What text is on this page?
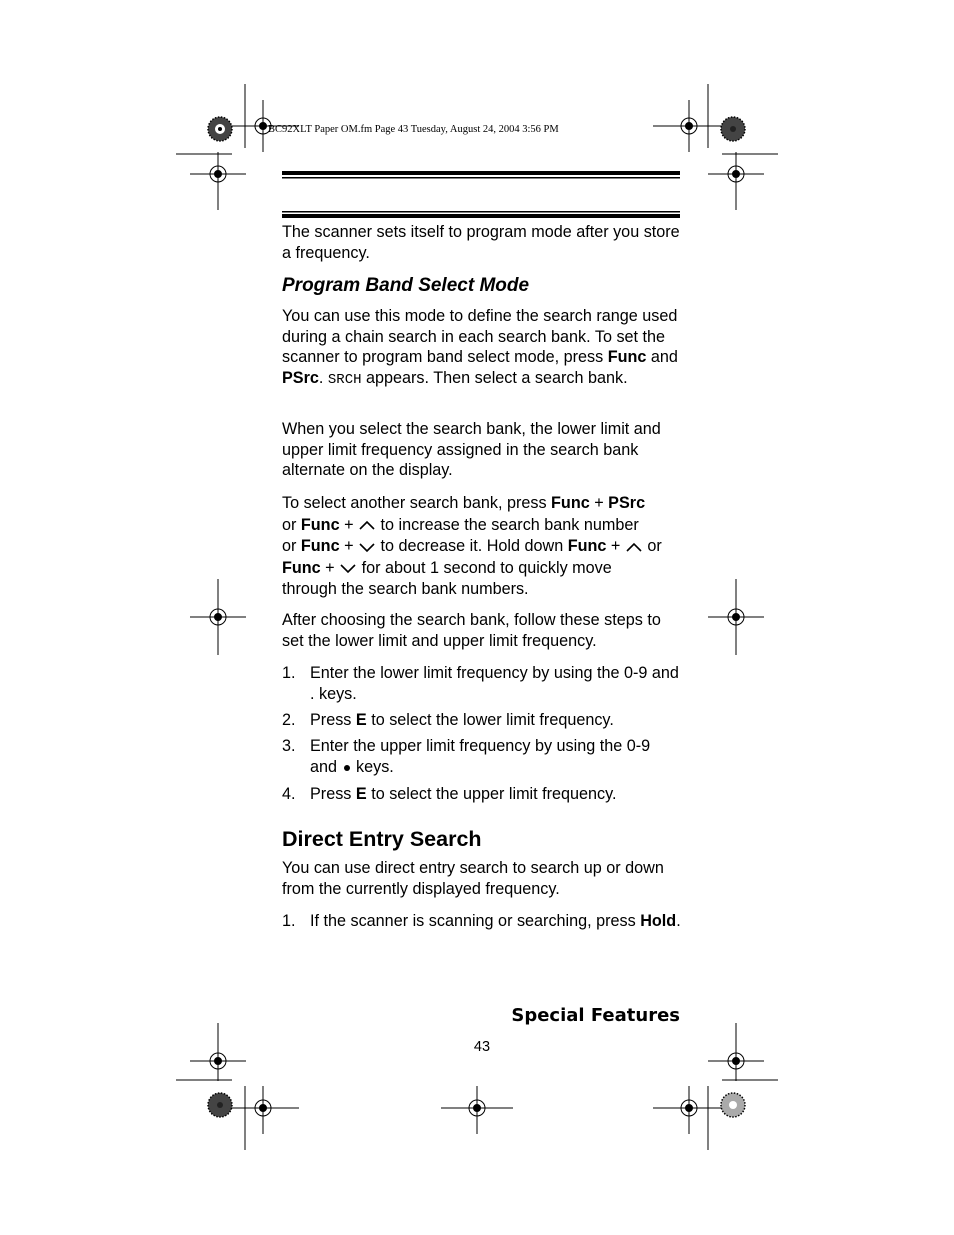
BC92XLT Paper OM.fm Page 43 Tuesday, August 24, 2004 3:56 PM

The scanner sets itself to program mode after you store a frequency.

Program Band Select Mode

You can use this mode to define the search range used during a chain search in each search bank. To set the scanner to program band select mode, press Func and PSrc. SRCH appears. Then select a search bank.

When you select the search bank, the lower limit and upper limit frequency assigned in the search bank alternate on the display.

To select another search bank, press Func + PSrc
or Func +  to increase the search bank number
or Func +  to decrease it. Hold down Func +  or
Func +  for about 1 second to quickly move
through the search bank numbers.

After choosing the search bank, follow these steps to set the lower limit and upper limit frequency.

1. Enter the lower limit frequency by using the 0-9 and . keys.
2. Press E to select the lower limit frequency.
3. Enter the upper limit frequency by using the 0-9
and  keys.
4. Press E to select the upper limit frequency.
Direct Entry Search

You can use direct entry search to search up or down from the currently displayed frequency.

1. If the scanner is scanning or searching, press Hold.
Special Features
43
